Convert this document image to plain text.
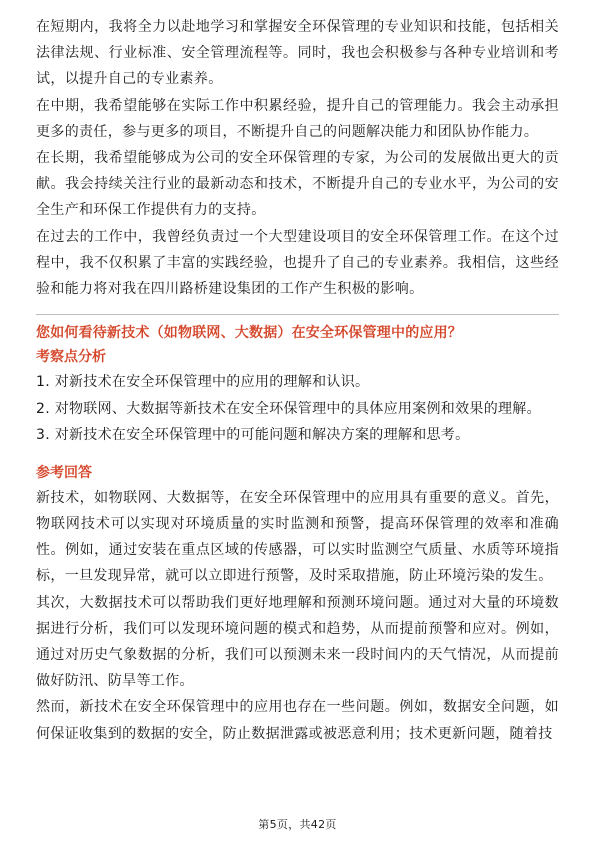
在短期内，我将全力以赴地学习和掌握安全环保管理的专业知识和技能，包括相关法律法规、行业标准、安全管理流程等。同时，我也会积极参与各种专业培训和考试，以提升自己的专业素养。

在中期，我希望能够在实际工作中积累经验，提升自己的管理能力。我会主动承担更多的责任，参与更多的项目，不断提升自己的问题解决能力和团队协作能力。

在长期，我希望能够成为公司的安全环保管理的专家，为公司的发展做出更大的贡献。我会持续关注行业的最新动态和技术，不断提升自己的专业水平，为公司的安全生产和环保工作提供有力的支持。

在过去的工作中，我曾经负责过一个大型建设项目的安全环保管理工作。在这个过程中，我不仅积累了丰富的实践经验，也提升了自己的专业素养。我相信，这些经验和能力将对我在四川路桥建设集团的工作产生积极的影响。

您如何看待新技术（如物联网、大数据）在安全环保管理中的应用？

考察点分析

1. 对新技术在安全环保管理中的应用的理解和认识。

2. 对物联网、大数据等新技术在安全环保管理中的具体应用案例和效果的理解。

3. 对新技术在安全环保管理中的可能问题和解决方案的理解和思考。

参考回答

新技术，如物联网、大数据等，在安全环保管理中的应用具有重要的意义。首先，物联网技术可以实现对环境质量的实时监测和预警，提高环保管理的效率和准确性。例如，通过安装在重点区域的传感器，可以实时监测空气质量、水质等环境指标，一旦发现异常，就可以立即进行预警，及时采取措施，防止环境污染的发生。

其次，大数据技术可以帮助我们更好地理解和预测环境问题。通过对大量的环境数据进行分析，我们可以发现环境问题的模式和趋势，从而提前预警和应对。例如，通过对历史气象数据的分析，我们可以预测未来一段时间内的天气情况，从而提前做好防汛、防旱等工作。

然而，新技术在安全环保管理中的应用也存在一些问题。例如，数据安全问题，如何保证收集到的数据的安全，防止数据泄露或被恶意利用；技术更新问题，随着技

第5页，共42页
